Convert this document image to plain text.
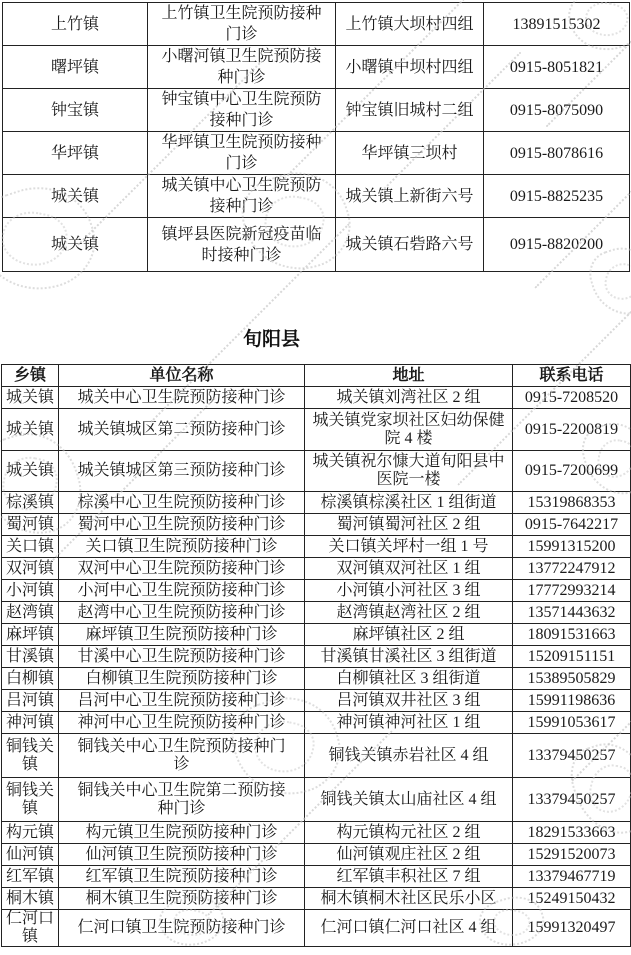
上竹镇	上竹镇卫生院预防接种门诊	上竹镇大坝村四组	13891515302
曙坪镇	小曙河镇卫生院预防接种门诊	小曙镇中坝村四组	0915-8051821
钟宝镇	钟宝镇中心卫生院预防接种门诊	钟宝镇旧城村二组	0915-8075090
华坪镇	华坪镇卫生院预防接种门诊	华坪镇三坝村	0915-8078616
城关镇	城关镇中心卫生院预防接种门诊	城关镇上新街六号	0915-8825235
城关镇	镇坪县医院新冠疫苗临时接种门诊	城关镇石砦路六号	0915-8820200
旬阳县
乡镇	单位名称	地址	联系电话
城关镇	城关中心卫生院预防接种门诊	城关镇刘湾社区 2 组	0915-7208520
城关镇	城关镇城区第二预防接种门诊	城关镇党家坝社区妇幼保健院 4 楼	0915-2200819
城关镇	城关镇城区第三预防接种门诊	城关镇祝尔慷大道旬阳县中医院一楼	0915-7200699
棕溪镇	棕溪中心卫生院预防接种门诊	棕溪镇棕溪社区 1 组街道	15319868353
蜀河镇	蜀河中心卫生院预防接种门诊	蜀河镇蜀河社区 2 组	0915-7642217
关口镇	关口镇卫生院预防接种门诊	关口镇关坪村一组 1 号	15991315200
双河镇	双河中心卫生院预防接种门诊	双河镇双河社区 1 组	13772247912
小河镇	小河中心卫生院预防接种门诊	小河镇小河社区 3 组	17772993214
赵湾镇	赵湾中心卫生院预防接种门诊	赵湾镇赵湾社区 2 组	13571443632
麻坪镇	麻坪镇卫生院预防接种门诊	麻坪镇社区 2 组	18091531663
甘溪镇	甘溪中心卫生院预防接种门诊	甘溪镇甘溪社区 3 组街道	15209151151
白柳镇	白柳镇卫生院预防接种门诊	白柳镇社区 3 组街道	15389505829
吕河镇	吕河中心卫生院预防接种门诊	吕河镇双井社区 3 组	15991198636
神河镇	神河中心卫生院预防接种门诊	神河镇神河社区 1 组	15991053617
铜钱关镇	铜钱关中心卫生院预防接种门诊	铜钱关镇赤岩社区 4 组	13379450257
铜钱关镇	铜钱关中心卫生院第二预防接种门诊	铜钱关镇太山庙社区 4 组	13379450257
构元镇	构元镇卫生院预防接种门诊	构元镇构元社区 2 组	18291533663
仙河镇	仙河镇卫生院预防接种门诊	仙河镇观庄社区 2 组	15291520073
红军镇	红军镇卫生院预防接种门诊	红军镇丰积社区 7 组	13379467719
桐木镇	桐木镇卫生院预防接种门诊	桐木镇桐木社区民乐小区	15249150432
仁河口镇	仁河口镇卫生院预防接种门诊	仁河口镇仁河口社区 4 组	15991320497
